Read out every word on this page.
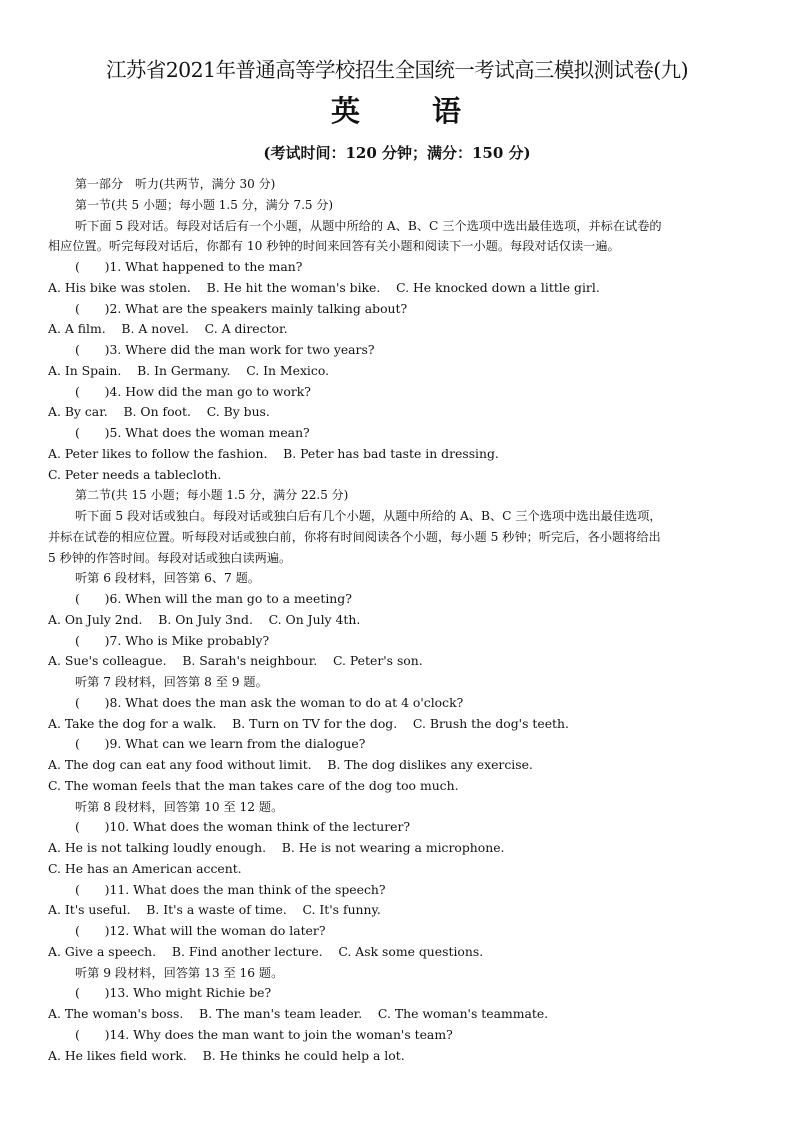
江苏省2021年普通高等学校招生全国统一考试高三模拟测试卷(九)
英 语
(考试时间：120 分钟；满分：150 分)
第一部分　听力(共两节，满分 30 分)
第一节(共 5 小题；每小题 1.5 分，满分 7.5 分)
听下面 5 段对话。每段对话后有一个小题，从题中所给的 A、B、C 三个选项中选出最佳选项，并标在试卷的
相应位置。听完每段对话后，你都有 10 秒钟的时间来回答有关小题和阅读下一小题。每段对话仅读一遍。
(　　)1. What happened to the man?
A. His bike was stolen.    B. He hit the woman's bike.    C. He knocked down a little girl.
(　　)2. What are the speakers mainly talking about?
A. A film.    B. A novel.    C. A director.
(　　)3. Where did the man work for two years?
A. In Spain.    B. In Germany.    C. In Mexico.
(　　)4. How did the man go to work?
A. By car.    B. On foot.    C. By bus.
(　　)5. What does the woman mean?
A. Peter likes to follow the fashion.    B. Peter has bad taste in dressing.
C. Peter needs a tablecloth.
第二节(共 15 小题；每小题 1.5 分，满分 22.5 分)
听下面 5 段对话或独白。每段对话或独白后有几个小题，从题中所给的 A、B、C 三个选项中选出最佳选项，
并标在试卷的相应位置。听每段对话或独白前，你将有时间阅读各个小题，每小题 5 秒钟；听完后，各小题将给出
5 秒钟的作答时间。每段对话或独白读两遍。
听第 6 段材料，回答第 6、7 题。
(　　)6. When will the man go to a meeting?
A. On July 2nd.    B. On July 3nd.    C. On July 4th.
(　　)7. Who is Mike probably?
A. Sue's colleague.    B. Sarah's neighbour.    C. Peter's son.
听第 7 段材料，回答第 8 至 9 题。
(　　)8. What does the man ask the woman to do at 4 o'clock?
A. Take the dog for a walk.    B. Turn on TV for the dog.    C. Brush the dog's teeth.
(　　)9. What can we learn from the dialogue?
A. The dog can eat any food without limit.    B. The dog dislikes any exercise.
C. The woman feels that the man takes care of the dog too much.
听第 8 段材料，回答第 10 至 12 题。
(　　)10. What does the woman think of the lecturer?
A. He is not talking loudly enough.    B. He is not wearing a microphone.
C. He has an American accent.
(　　)11. What does the man think of the speech?
A. It's useful.    B. It's a waste of time.    C. It's funny.
(　　)12. What will the woman do later?
A. Give a speech.    B. Find another lecture.    C. Ask some questions.
听第 9 段材料，回答第 13 至 16 题。
(　　)13. Who might Richie be?
A. The woman's boss.    B. The man's team leader.    C. The woman's teammate.
(　　)14. Why does the man want to join the woman's team?
A. He likes field work.    B. He thinks he could help a lot.
